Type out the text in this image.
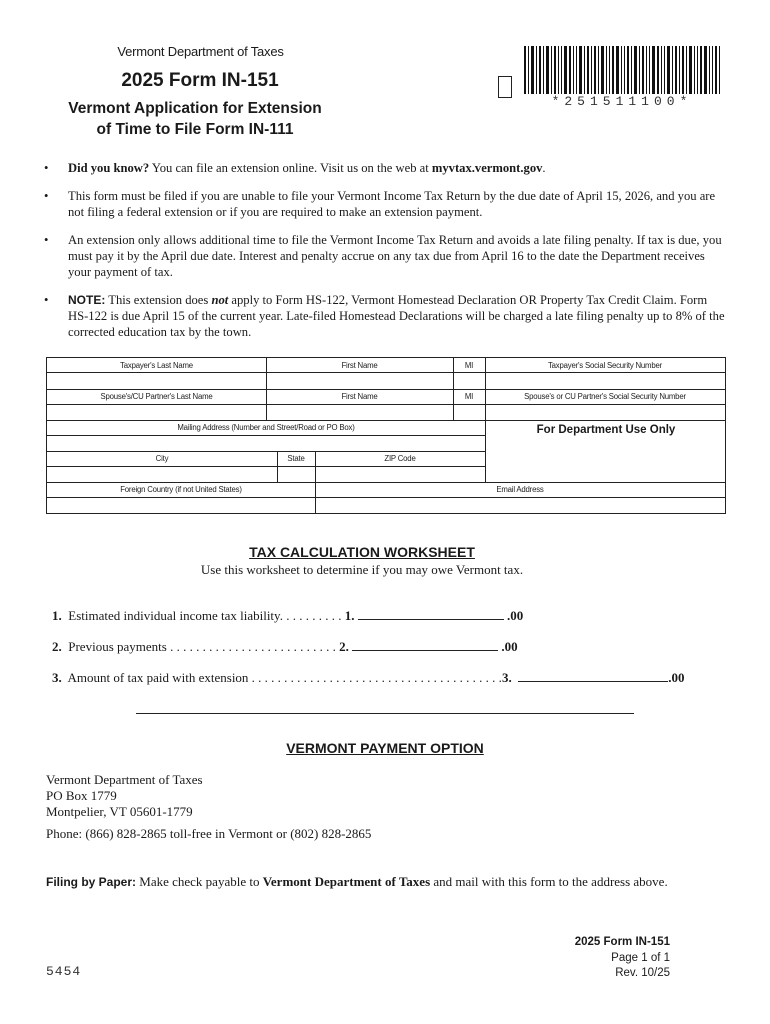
Vermont Department of Taxes
2025 Form IN-151
Vermont Application for Extension
of Time to File Form IN-111
*251511100*
• Did you know? You can file an extension online. Visit us on the web at myvtax.vermont.gov.
• This form must be filed if you are unable to file your Vermont Income Tax Return by the due date of April 15, 2026, and you are not filing a federal extension or if you are required to make an extension payment.
• An extension only allows additional time to file the Vermont Income Tax Return and avoids a late filing penalty. If tax is due, you must pay it by the April due date. Interest and penalty accrue on any tax due from April 16 to the date the Department receives your payment of tax.
• NOTE: This extension does not apply to Form HS-122, Vermont Homestead Declaration OR Property Tax Credit Claim. Form HS-122 is due April 15 of the current year. Late-filed Homestead Declarations will be charged a late filing penalty up to 8% of the corrected education tax by the town.
Taxpayer's Last Name	First Name	MI	Taxpayer's Social Security Number
Spouse's/CU Partner's Last Name	First Name	MI	Spouse's or CU Partner's Social Security Number
Mailing Address (Number and Street/Road or PO Box)
City	State	ZIP Code
Foreign Country (if not United States)	Email Address
For Department Use Only
TAX CALCULATION WORKSHEET
Use this worksheet to determine if you may owe Vermont tax.
1. Estimated individual income tax liability. . . . . . . . . . 1.	.00
2. Previous payments . . . . . . . . . . . . . . . . . . . . . . . . . . 2.	.00
3. Amount of tax paid with extension . . . . . . . . . . . . . . . . . . . . . . . . . . . . . . . . . . . . . . .3.	.00
VERMONT PAYMENT OPTION
Vermont Department of Taxes
PO Box 1779
Montpelier, VT 05601-1779
Phone: (866) 828-2865 toll-free in Vermont or (802) 828-2865
Filing by Paper: Make check payable to Vermont Department of Taxes and mail with this form to the address above.
2025 Form IN-151
Page 1 of 1
Rev. 10/25
5454
